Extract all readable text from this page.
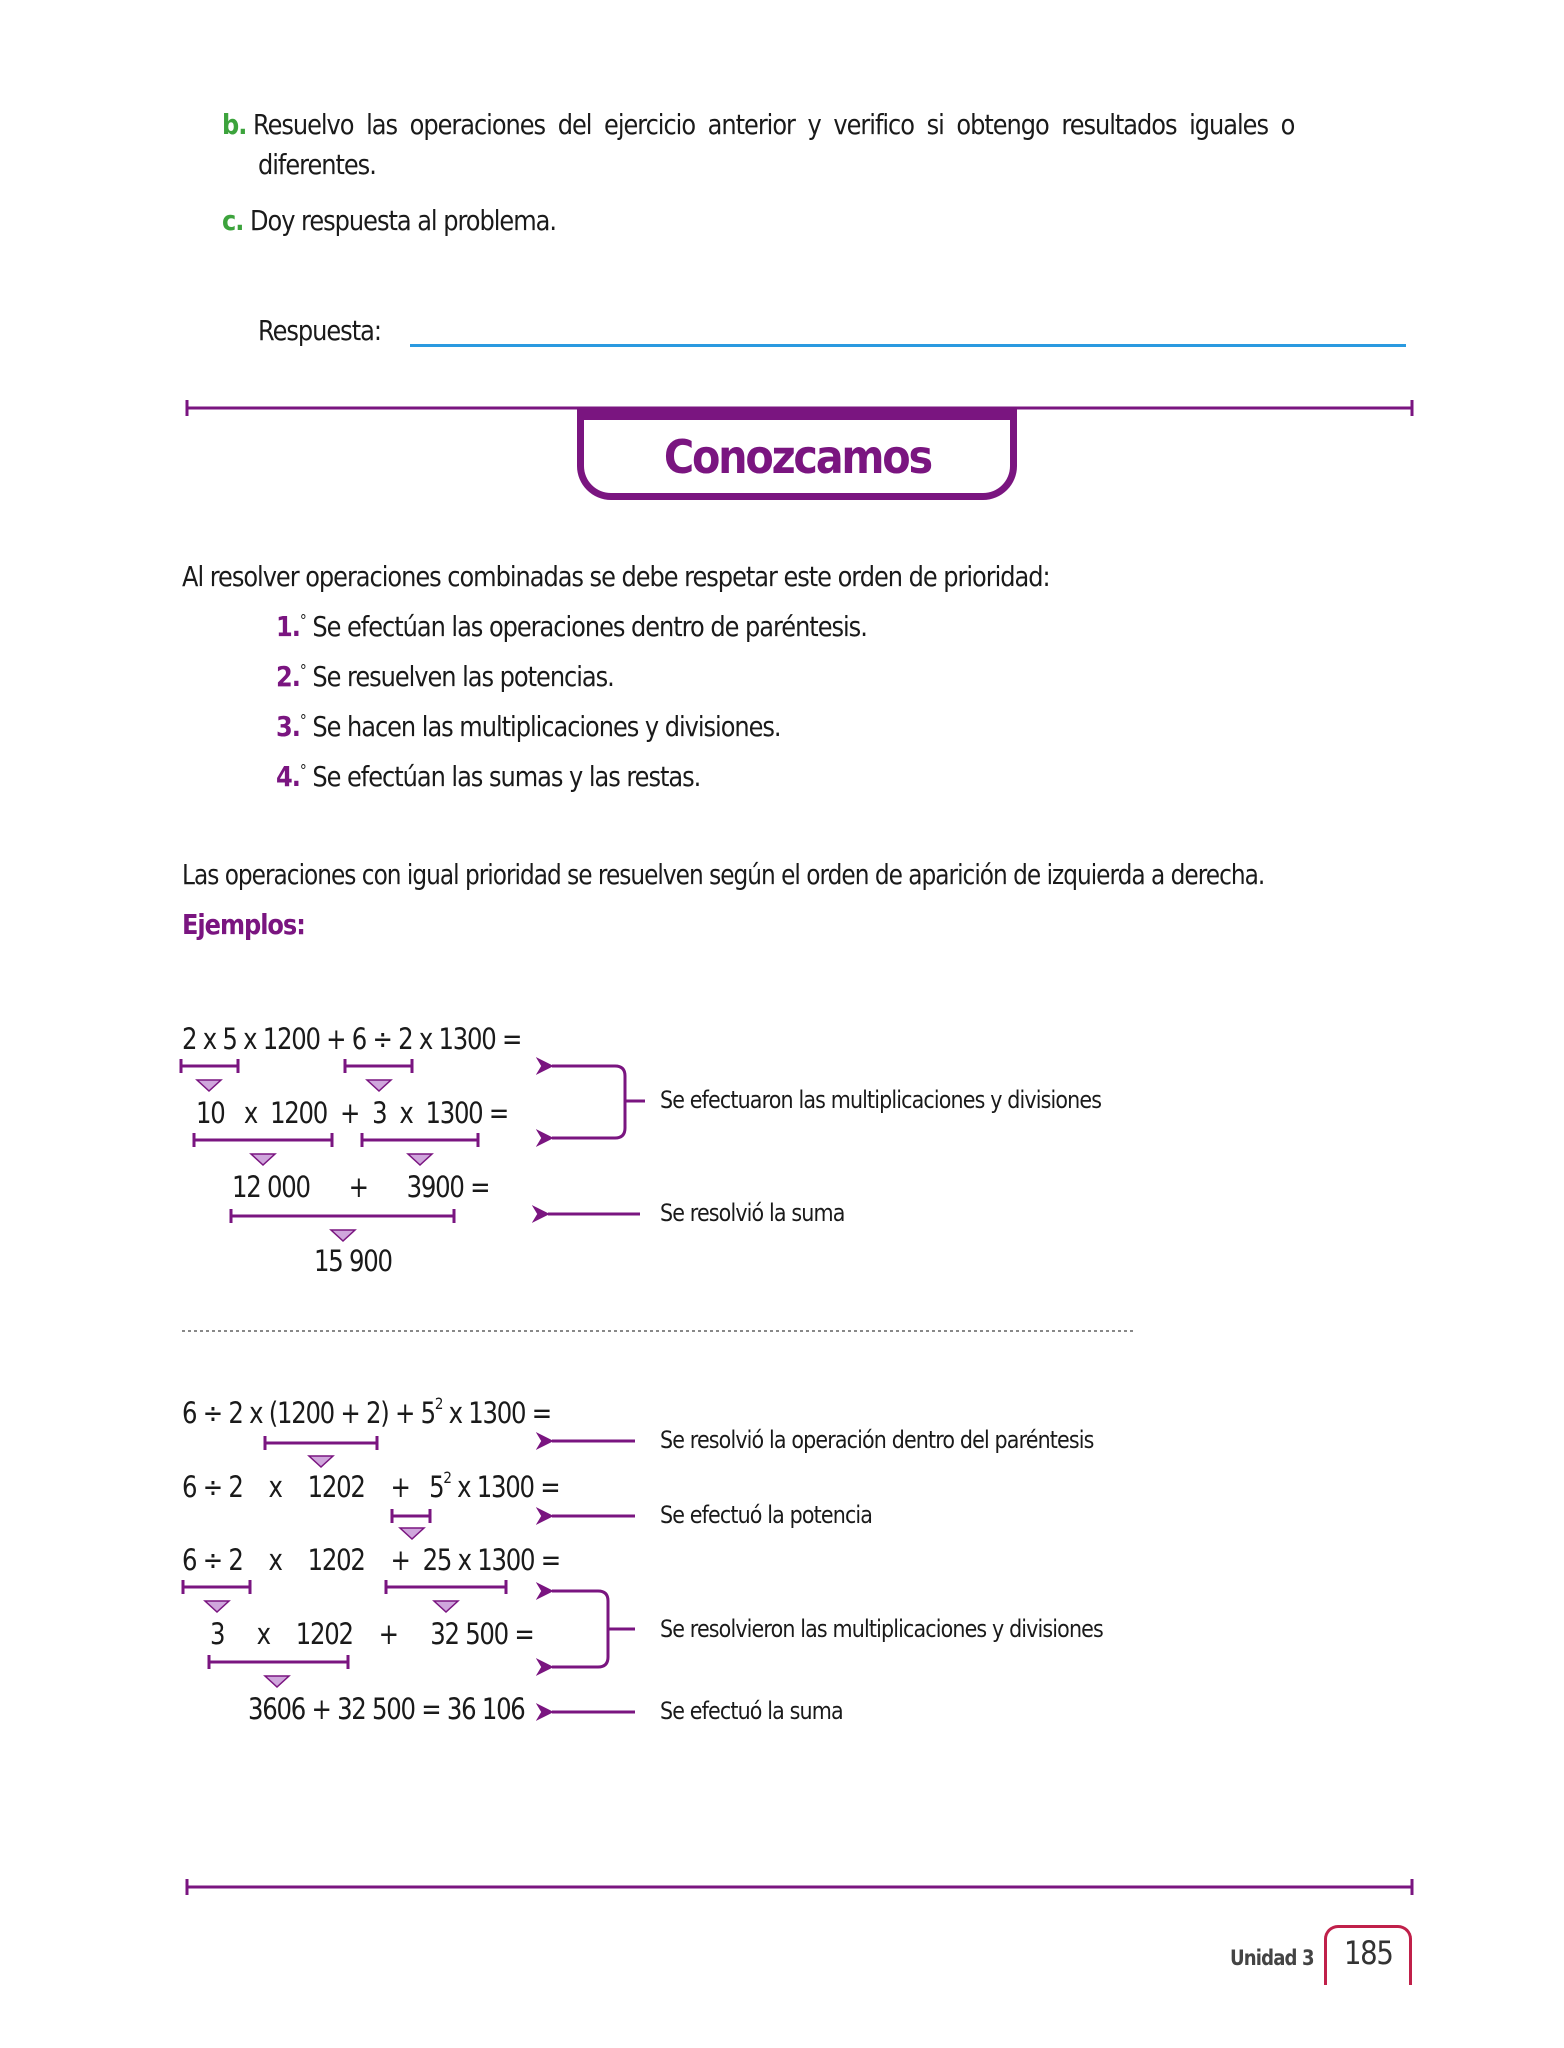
b. Resuelvo las operaciones del ejercicio anterior y verifico si obtengo resultados iguales o
diferentes.
c. Doy respuesta al problema.
Respuesta:
Conozcamos
Al resolver operaciones combinadas se debe respetar este orden de prioridad:
1.° Se efectúan las operaciones dentro de paréntesis.
2.° Se resuelven las potencias.
3.° Se hacen las multiplicaciones y divisiones.
4.° Se efectúan las sumas y las restas.
Las operaciones con igual prioridad se resuelven según el orden de aparición de izquierda a derecha.
Ejemplos:
2 x 5 x 1200 + 6 ÷ 2 x 1300 =
10 x 1200 + 3 x 1300 =
12 000 + 3900 =
15 900
Se efectuaron las multiplicaciones y divisiones
Se resolvió la suma
6 ÷ 2 x $(1200 + 2) + 5^2$ x 1300 =
6 ÷ 2 x $1202 + 5^2$ x 1300 =
6 ÷ 2 x 1202 + 25 x 1300 =
3 x 1202 + 32 500 =
3606 + 32 500 = 36 106
Se resolvió la operación dentro del paréntesis
Se efectuó la potencia
Se resolvieron las multiplicaciones y divisiones
Se efectuó la suma
Unidad 3 185
